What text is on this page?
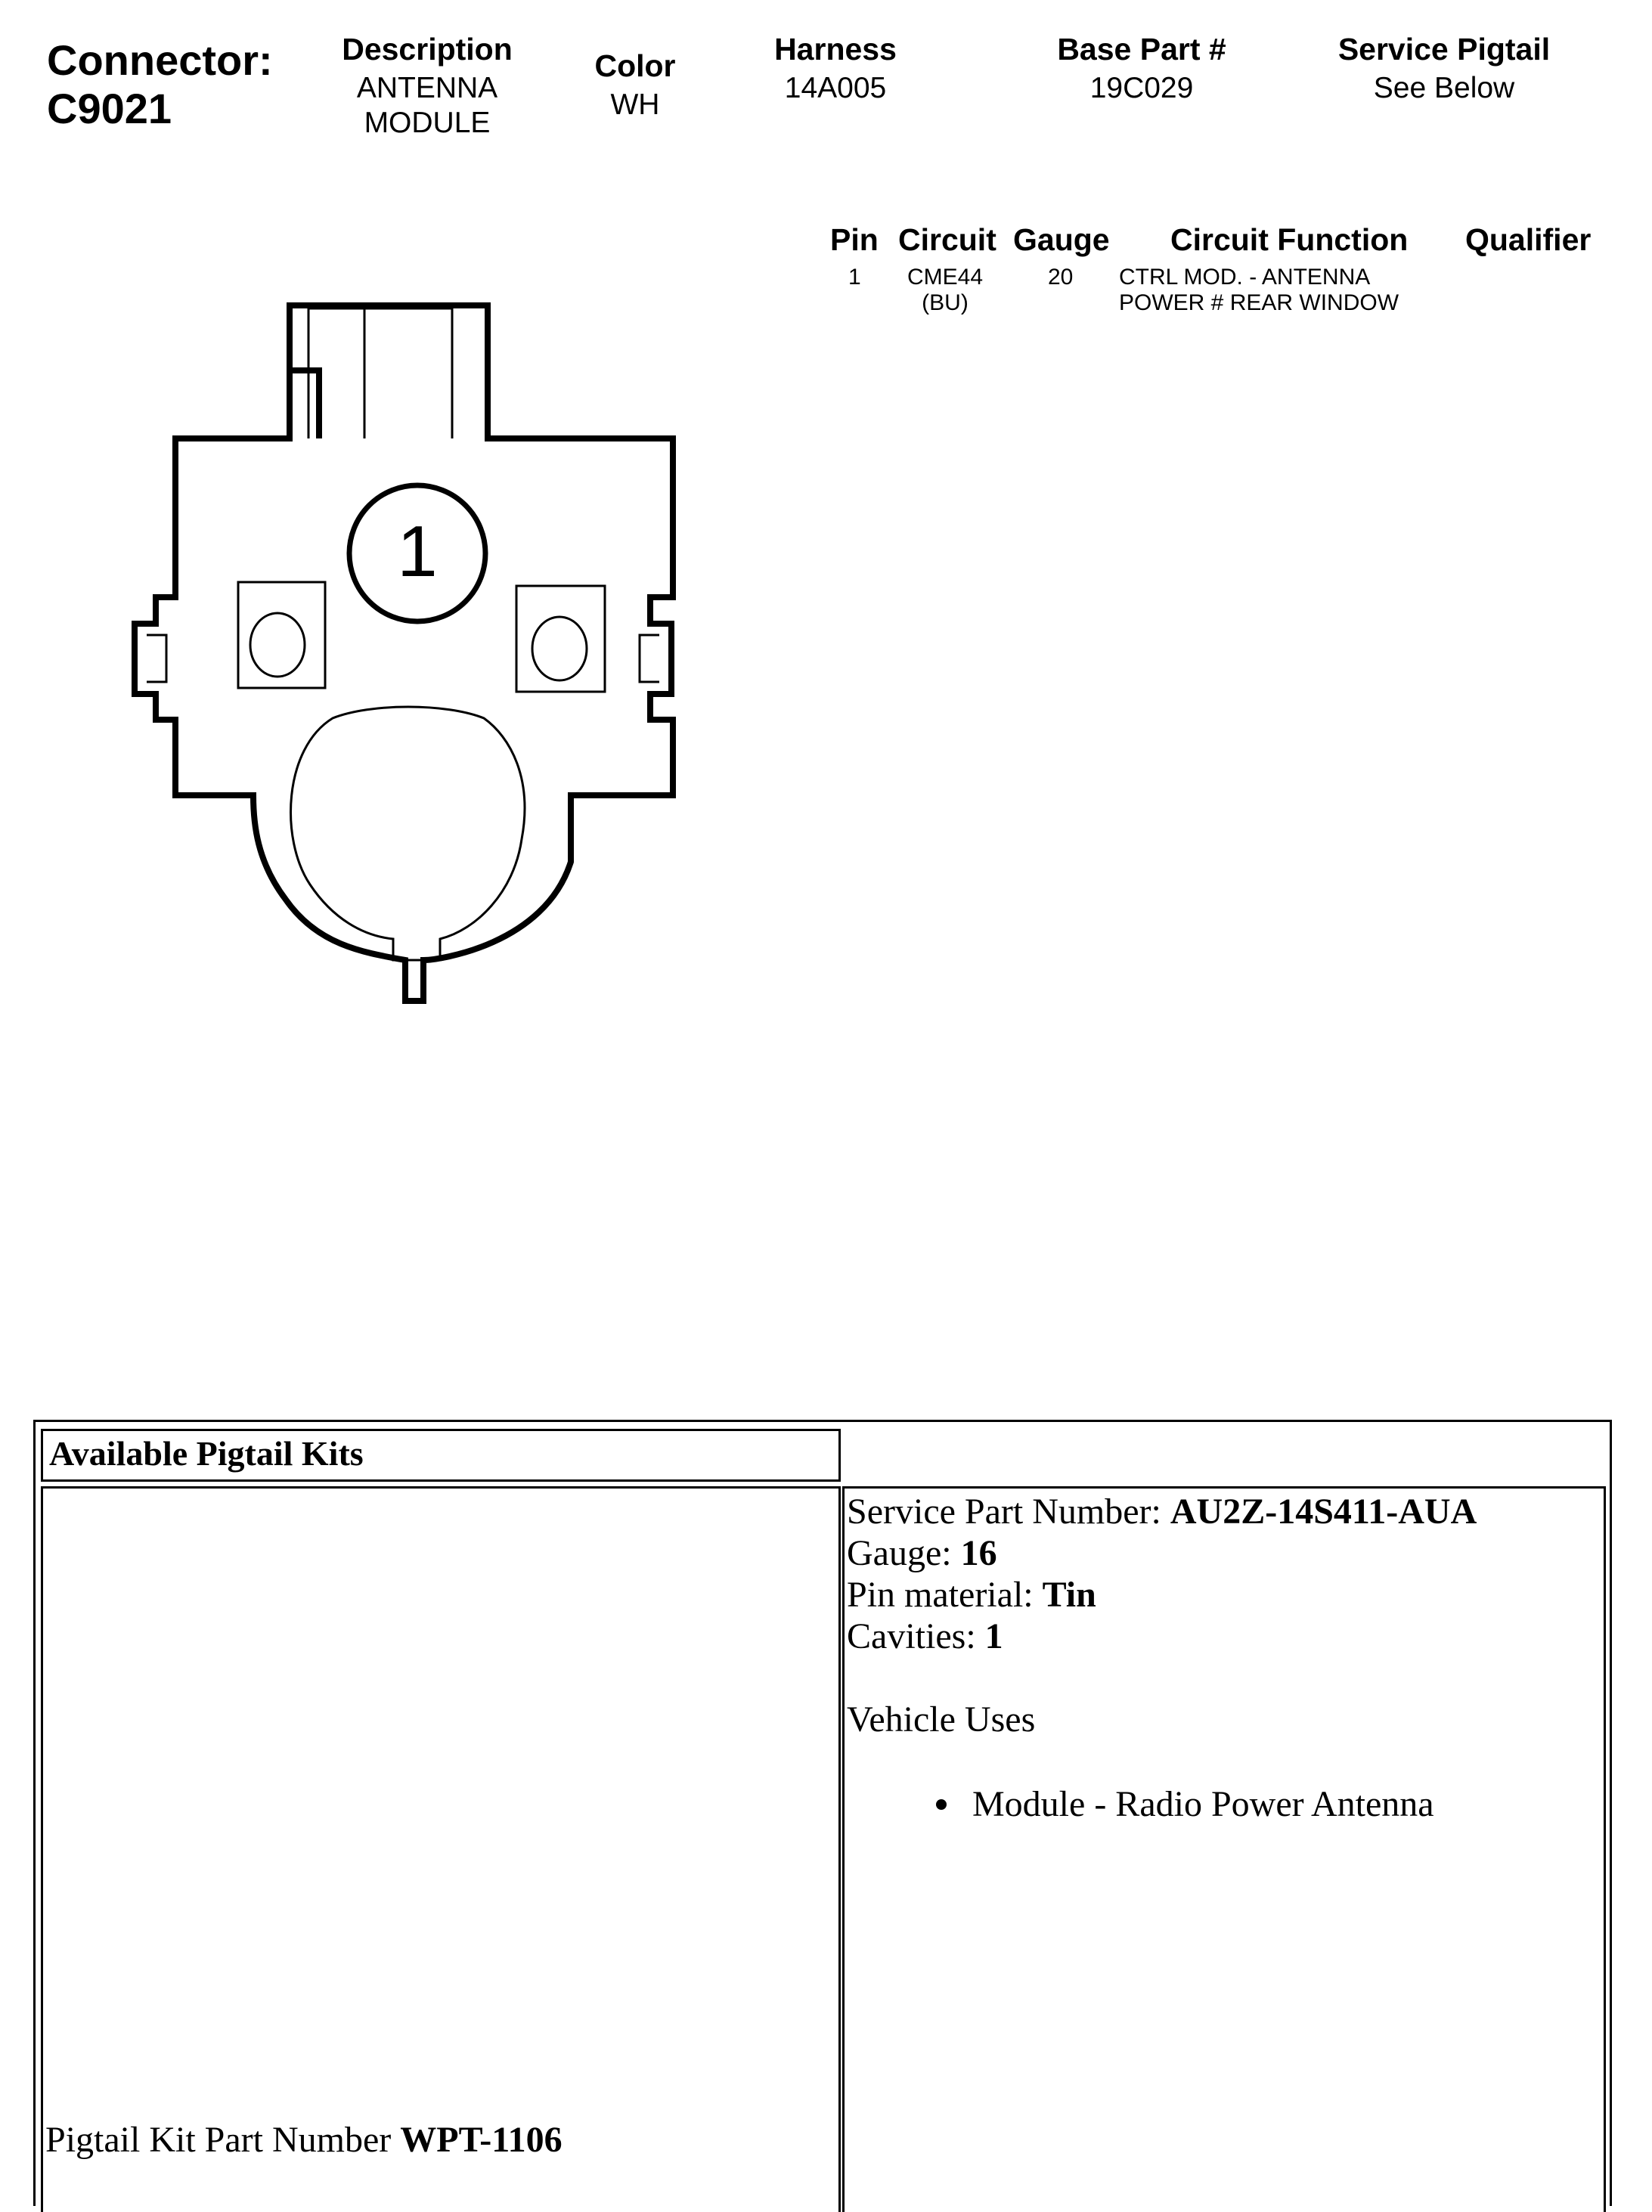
Connector:
C9021
Description
ANTENNA
MODULE
Color
WH
Harness
14A005
Base Part #
19C029
Service Pigtail
See Below
Pin Circuit Gauge Circuit Function Qualifier
1	CME44
(BU)
20 CTRL MOD. - ANTENNA
POWER # REAR WINDOW
1
Available Pigtail Kits
Pigtail Kit Part Number WPT-1106
Service Part Number: AU2Z-14S411-AUA
Gauge: 16
Pin material: Tin
Cavities: 1
Vehicle Uses
Module - Radio Power Antenna
